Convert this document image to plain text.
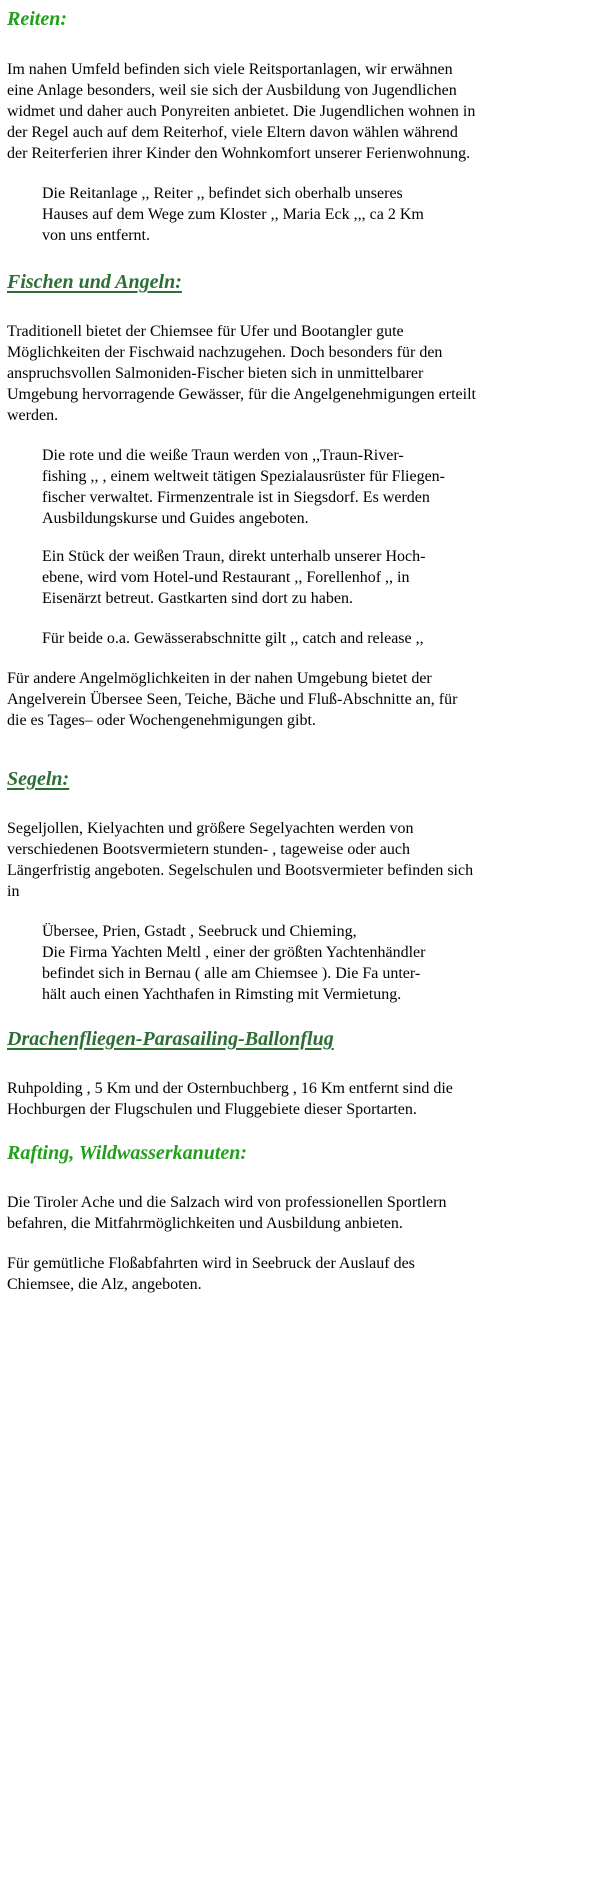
Reiten:

Im nahen Umfeld befinden sich viele Reitsportanlagen, wir erwähnen

eine Anlage besonders, weil sie sich der Ausbildung von Jugendlichen

widmet und daher auch Ponyreiten anbietet. Die Jugendlichen wohnen in

der Regel auch auf dem Reiterhof, viele Eltern davon wählen während

der Reiterferien ihrer Kinder den Wohnkomfort unserer Ferienwohnung.

Die Reitanlage ,, Reiter ,, befindet sich oberhalb unseres

Hauses auf dem Wege zum Kloster ,, Maria Eck ,,, ca 2 Km

von uns entfernt.

Fischen und Angeln:

Traditionell bietet der Chiemsee für Ufer und Bootangler gute

Möglichkeiten der Fischwaid nachzugehen. Doch besonders für den

anspruchsvollen Salmoniden-Fischer bieten sich in unmittelbarer

Umgebung hervorragende Gewässer, für die Angelgenehmigungen erteilt

werden.

Die rote und die weiße Traun werden von ,,Traun-River-

fishing ,, , einem weltweit tätigen Spezialausrüster für Fliegen-

fischer verwaltet. Firmenzentrale ist in Siegsdorf. Es werden

Ausbildungskurse und Guides angeboten.

Ein Stück der weißen Traun, direkt unterhalb unserer Hoch-

ebene, wird vom Hotel-und Restaurant ,, Forellenhof ,, in

Eisenärzt betreut. Gastkarten sind dort zu haben.

Für beide o.a. Gewässerabschnitte gilt ,, catch and release ,,

Für andere Angelmöglichkeiten in der nahen Umgebung bietet der

Angelverein Übersee Seen, Teiche, Bäche und Fluß-Abschnitte an, für

die es Tages– oder Wochengenehmigungen gibt.

Segeln:

Segeljollen, Kielyachten und größere Segelyachten werden von

verschiedenen Bootsvermietern stunden- , tageweise oder auch

Längerfristig angeboten. Segelschulen und Bootsvermieter befinden sich

in

Übersee, Prien, Gstadt , Seebruck und Chieming,

Die Firma Yachten Meltl , einer der größten Yachtenhändler

befindet sich in Bernau ( alle am Chiemsee ). Die Fa unter-

hält auch einen Yachthafen in Rimsting mit Vermietung.

Drachenfliegen-Parasailing-Ballonflug

Ruhpolding , 5 Km und der Osternbuchberg , 16 Km entfernt sind die

Hochburgen der Flugschulen und Fluggebiete dieser Sportarten.

Rafting, Wildwasserkanuten:

Die Tiroler Ache und die Salzach wird von professionellen Sportlern

befahren, die Mitfahrmöglichkeiten und Ausbildung anbieten.

Für gemütliche Floßabfahrten wird in Seebruck der Auslauf des

Chiemsee, die Alz, angeboten.
